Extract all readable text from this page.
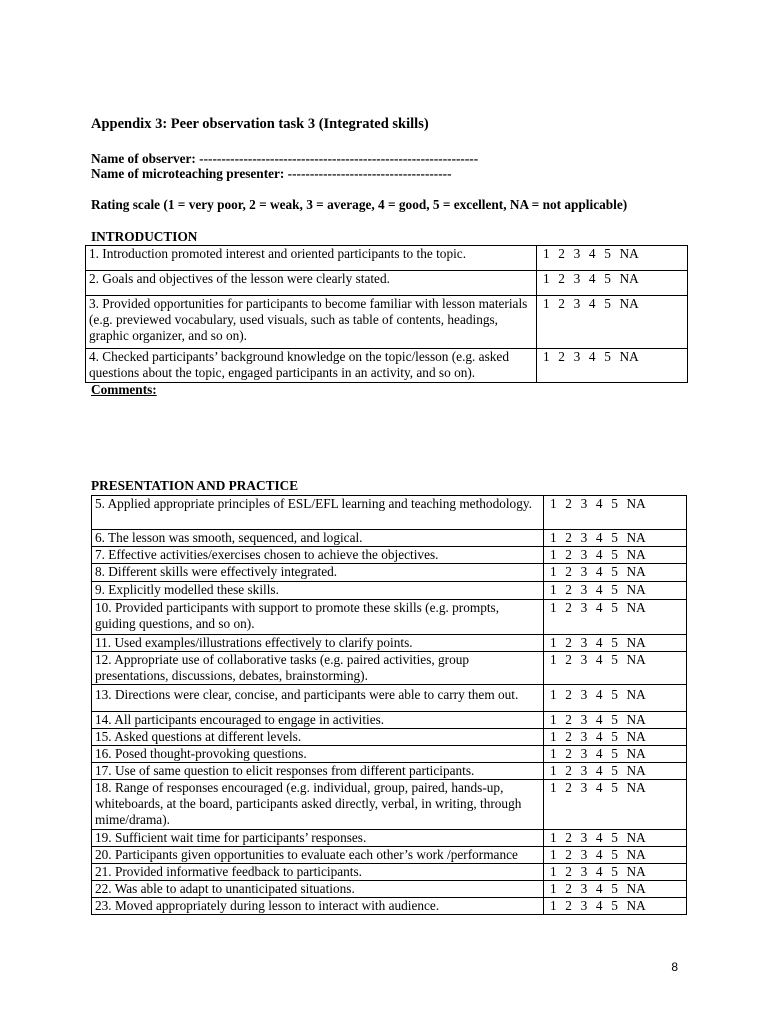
Appendix 3: Peer observation task 3 (Integrated skills)
Name of observer: ---------------------------------------------------------------
Name of microteaching presenter: -------------------------------------
Rating scale (1 = very poor, 2 = weak, 3 = average, 4 = good, 5 = excellent, NA = not applicable)
INTRODUCTION
1. Introduction promoted interest and oriented participants to the topic.	1  2  3  4  5  NA
2. Goals and objectives of the lesson were clearly stated.	1  2  3  4  5  NA
3. Provided opportunities for participants to become familiar with lesson materials (e.g. previewed vocabulary, used visuals, such as table of contents, headings, graphic organizer, and so on).	1  2  3  4  5  NA
4. Checked participants’ background knowledge on the topic/lesson (e.g. asked questions about the topic, engaged participants in an activity, and so on).	1  2  3  4  5  NA
Comments:
PRESENTATION AND PRACTICE
5. Applied appropriate principles of ESL/EFL learning and teaching methodology.	1  2  3  4  5  NA
6. The lesson was smooth, sequenced, and logical.	1  2  3  4  5  NA
7. Effective activities/exercises chosen to achieve the objectives.	1  2  3  4  5  NA
8. Different skills were effectively integrated.	1  2  3  4  5  NA
9. Explicitly modelled these skills.	1  2  3  4  5  NA
10. Provided participants with support to promote these skills (e.g. prompts, guiding questions, and so on).	1  2  3  4  5  NA
11. Used examples/illustrations effectively to clarify points.	1  2  3  4  5  NA
12. Appropriate use of collaborative tasks (e.g. paired activities, group presentations, discussions, debates, brainstorming).	1  2  3  4  5  NA
13. Directions were clear, concise, and participants were able to carry them out.	1  2  3  4  5  NA
14. All participants encouraged to engage in activities.	1  2  3  4  5  NA
15. Asked questions at different levels.	1  2  3  4  5  NA
16. Posed thought-provoking questions.	1  2  3  4  5  NA
17. Use of same question to elicit responses from different participants.	1  2  3  4  5  NA
18. Range of responses encouraged (e.g. individual, group, paired, hands-up, whiteboards, at the board, participants asked directly, verbal, in writing, through mime/drama).	1  2  3  4  5  NA
19. Sufficient wait time for participants’ responses.	1  2  3  4  5  NA
20. Participants given opportunities to evaluate each other’s work /performance	1  2  3  4  5  NA
21. Provided informative feedback to participants.	1  2  3  4  5  NA
22. Was able to adapt to unanticipated situations.	1  2  3  4  5  NA
23. Moved appropriately during lesson to interact with audience.	1  2  3  4  5  NA
8
